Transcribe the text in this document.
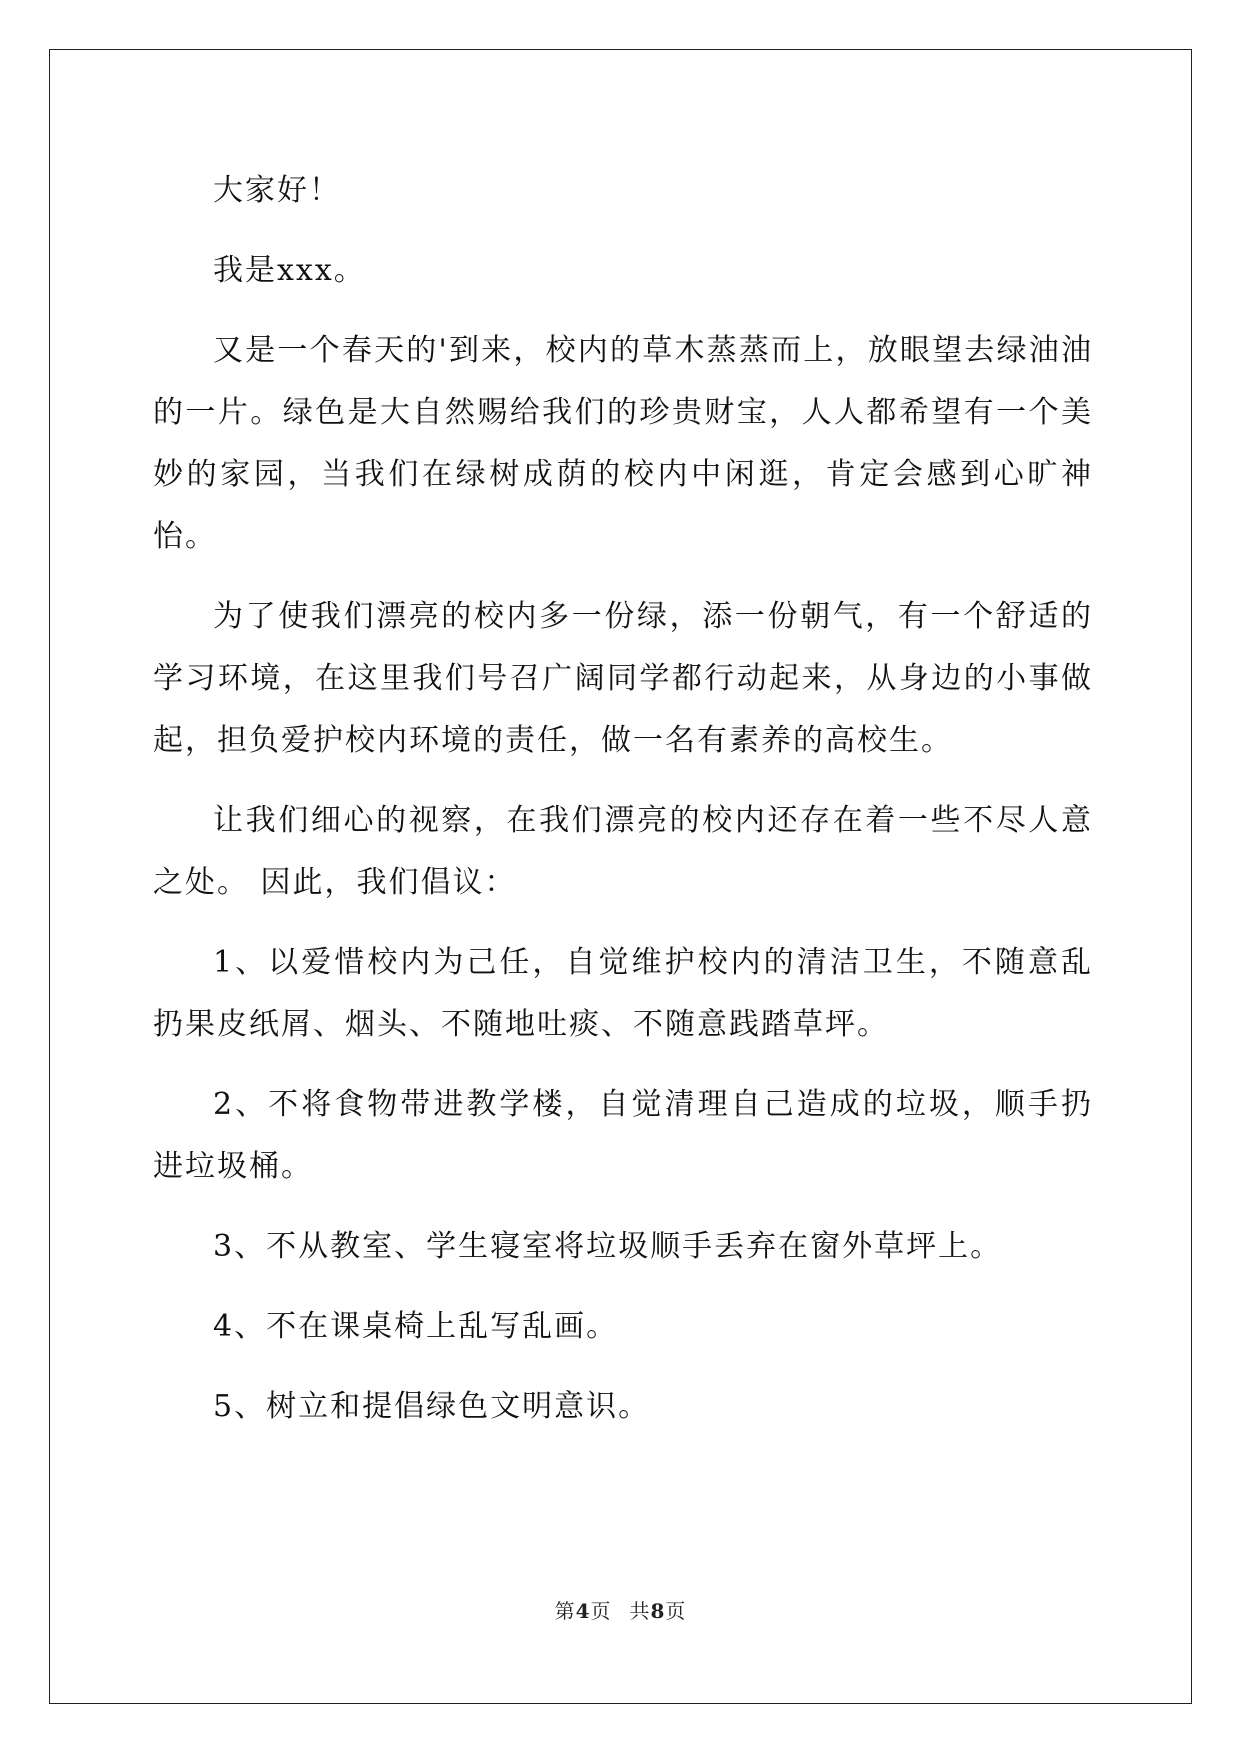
大家好！

我是xxx。

又是一个春天的'到来，校内的草木蒸蒸而上，放眼望去绿油油的一片。绿色是大自然赐给我们的珍贵财宝，人人都希望有一个美妙的家园，当我们在绿树成荫的校内中闲逛，肯定会感到心旷神怡。

为了使我们漂亮的校内多一份绿，添一份朝气，有一个舒适的学习环境，在这里我们号召广阔同学都行动起来，从身边的小事做起，担负爱护校内环境的责任，做一名有素养的高校生。

让我们细心的视察，在我们漂亮的校内还存在着一些不尽人意之处。 因此，我们倡议：

1、以爱惜校内为己任，自觉维护校内的清洁卫生，不随意乱扔果皮纸屑、烟头、不随地吐痰、不随意践踏草坪。

2、不将食物带进教学楼，自觉清理自己造成的垃圾，顺手扔进垃圾桶。

3、不从教室、学生寝室将垃圾顺手丢弃在窗外草坪上。

4、不在课桌椅上乱写乱画。

5、树立和提倡绿色文明意识。

第4页 共8页
